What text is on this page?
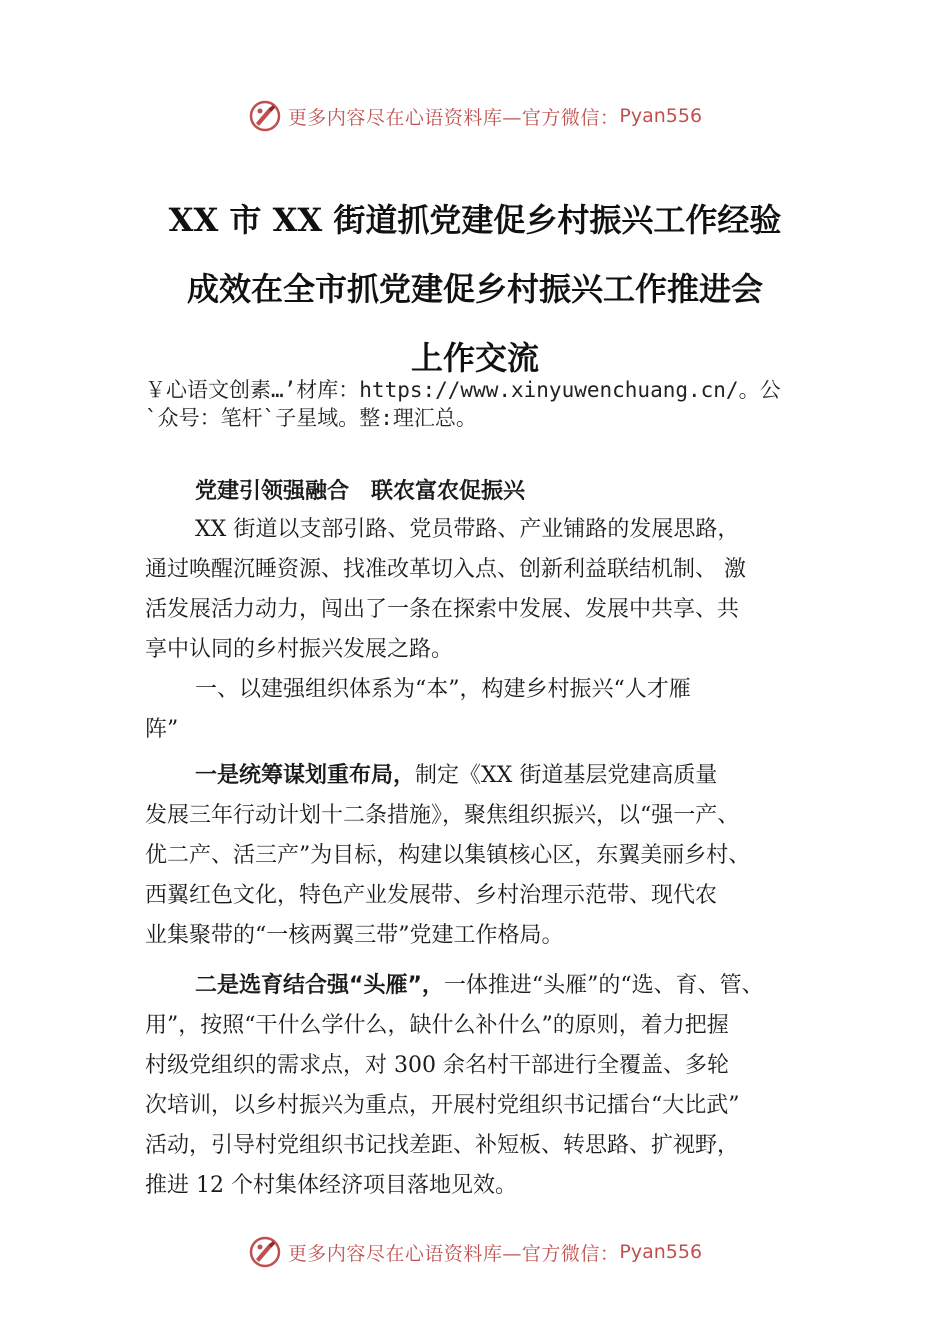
更多内容尽在心语资料库—官方微信： Pyan556
XX 市 XX 街道抓党建促乡村振兴工作经验
成效在全市抓党建促乡村振兴工作推进会
上作交流

￥心语文创素…’材库：https://www.xinyuwenchuang.cn/。公
`众号：笔杆`子星域。整:理汇总。

党建引领强融合 联农富农促振兴

XX 街道以支部引路、党员带路、产业铺路的发展思路，
通过唤醒沉睡资源、找准改革切入点、创新利益联结机制、 激
活发展活力动力，闯出了一条在探索中发展、发展中共享、共
享中认同的乡村振兴发展之路。
一、以建强组织体系为“本”，构建乡村振兴“人才雁
阵”
一是统筹谋划重布局，制定《XX 街道基层党建高质量
发展三年行动计划十二条措施》，聚焦组织振兴，以“强一产、
优二产、活三产”为目标，构建以集镇核心区，东翼美丽乡村、
西翼红色文化，特色产业发展带、乡村治理示范带、现代农
业集聚带的“一核两翼三带”党建工作格局。
二是选育结合强“头雁”，一体推进“头雁”的“选、育、管、
用”，按照“干什么学什么，缺什么补什么”的原则，着力把握
村级党组织的需求点，对 300 余名村干部进行全覆盖、多轮
次培训，以乡村振兴为重点，开展村党组织书记擂台“大比武”
活动，引导村党组织书记找差距、补短板、转思路、扩视野，
推进 12 个村集体经济项目落地见效。
更多内容尽在心语资料库—官方微信： Pyan556
